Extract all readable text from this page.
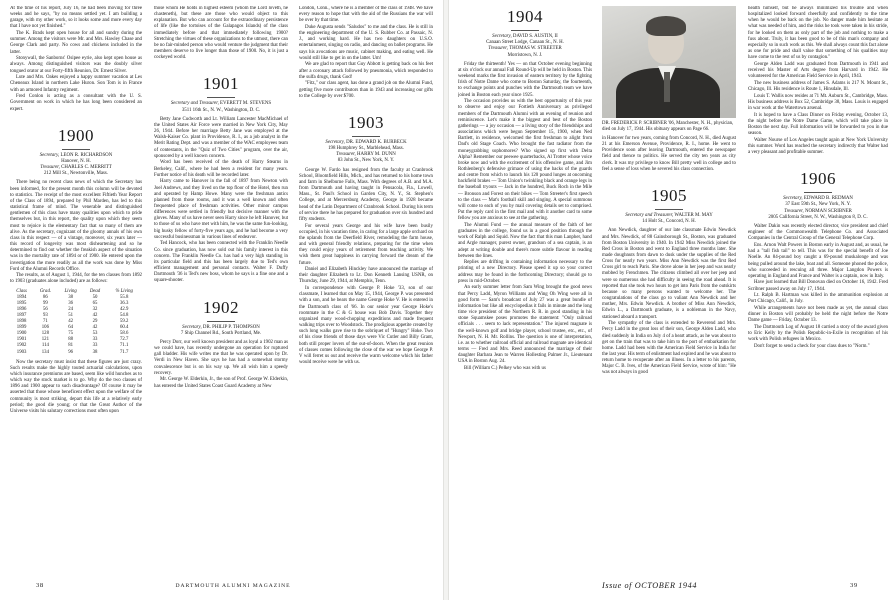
At the time of his report, July 16, he had been moving for three weeks and he says, "by no means settled yet. I am building a garage, with my other work, so it looks some and more every day that I have not yet finished."

The K. Brads kept open house for all and sundry during the summer. Among the visitors were Mr. and Mrs. Hawley Chase and George Clark and party. No cows and chickens included in the latter.

Stonywall, the Sanborns' Osipee eyrie, also kept open house as always. Among distinguished visitors was the doubly silver tongued orator at our Forty-fifth Reunion, Dr. Ernest Silver.

Lute and Mrs. Oakes enjoyed a happy summer vacation at Les Cheneaux Island in northern Lake Huron. Son Tom is in France with an armored Infantry regiment.

Fred Conlon is acting as a consultant with the U. S. Government on work in which he has long been considered an expert.

1900
Secretary, LEON R. RICHARDSON
Hanover, N. H.
Treasurer, CHARLES C. MERRITT
212 Mill St., Newtonville, Mass.

There being no recent class news of which the Secretary has been informed, for the present month this column will be devoted to statistics. The receipt of the most excellent Fiftieth Year Report of the Class of 1894, prepared by Phil Marden, has led to this statistical frame of mind. The venerable and distinguished gentlemen of this class have many qualities upon which to pride themselves but, in this report, the quality upon which they seem most to rejoice is the elementary fact that so many of them are alive. As the secretary, cognizant of the gloomy annals of his own class in this respect — of a vintage, moreover, six years later — this record of longevity was most disheartening and so he determined to find out whether the freakish aspect of the situation was in the mortality rate of 1894 or of 1900. He entered upon the investigation the more readily as all the work was done by Miss Ford of the Alumni Records Office.

The results, as of August 1, 1944, for the ten classes from 1892 to 1903 (graduates alone included) are as follows:

Class	Grad.	Living	Dead	% Living
1894	86	38	50	55.8
1895	99	36	65	36.3
1896	56	24	32	42.9
1897	93	51	42	54.8
1898	71	42	29	59.2
1899	106	64	42	60.4
1900	128	75	53	58.6
1901	121	88	33	72.7
1902	114	81	33	71.1
1903	134	96	38	71.7

Now the secretary must insist that these figures are just crazy. Such results make the highly touted actuarial calculations, upon which insurance premiums are based, seem like wild hunches as to which way the stock market is to go. Why do the two classes of 1896 and 1900 appear to such disadvantage? Of course it may be asserted that those whose beneficent effect upon the welfare of the community is most striking, depart this life at a relatively early period; the good die young; or that the Great Author of the Universe visits his salutary corrections most often upon

those whom He holds in highest esteem (whom the Lord loveth, he chasteneth), but these are those who would object to this explanation. But who can account for the extraordinary persistence of life (like the tortoises of the Galapagos Islands) of the class immediately before and that immediately following 1900? Stretching the virtues of these organizations to the utmost, there can be no fair-minded person who would venture the judgment that their members deserve to live longer than those of 1900. No, it is just a cockeyed world.

1901
Secretary and Treasurer, EVERETT M. STEVENS
3511 16th St., N. W., Washington, D. C.

Betty Jane Cudworth and Lt. William Lancester MacMichael of the United States Air Force were married in New York City, May 26, 1944. Before her marriage Betty Jane was employed at the Walsh-Kaiser Co. plant in Providence, R. I., as a job analyst in the Merit Rating Dept. and was a member of the WAC employees team of contestants, in the "Quiz of Two Cities" program, over the air, sponsored by a well known concern.

Word has been received of the death of Harry Stearns in Berkeley, Calif., where he had been a resident for many years. Further notice of his death will be recorded later.

Harry came to Hanover in the fall of 1897 from Newton with Joel Andrews, and they lived on the top floor of the Hotel, then run and operated by Hamp Howe. Many were the freshman antics planned from those rooms, and it was a well known and often frequented place of freshman activities. Other minor campus differences were settled in friendly but decisive manner with the gloves. Many of us have never seen Harry since he left Hanover, but to those of us who have met with him, he was the same fun-looking, big husky fellow of forty-five years ago, and he had become a very successful businessman in various lines of endeavor.

Ted Hancock, who has been connected with the Franklin Needle Co. since graduation, has now sold out his family interest in this concern. The Franklin Needle Co. has had a very high standing in its particular field and this has been largely due to Ted's own efficient management and personal contacts. Walter F. Duffy Dartmouth '36 is Ted's new boss, whom he says is a fine one and a square-shooter.

1902
Secretary, DR. PHILIP P. THOMPSON
7 Ship Channel Rd., South Portland, Me.

Percy Dorr, our well known president and as loyal a 1902 man as we could have, has recently undergone an operation for ruptured gall bladder. His wife writes me that he was operated upon by Dr. Verdi in New Haven. She says he has had a somewhat stormy convalescence but is on his way up. We all wish him a speedy recovery.

Mr. George W. Elderkin, Jr., the son of Prof. George W. Elderkin, has entered the United States Coast Guard Academy at New

London, Conn., where he is a member of the class of 1948. We have every reason to hope that with the aid of the Russians the war will be over by that time.

Duke Augusta sends "Saludos" to me and the class. He is still in the engineering department of the U. S. Rubber Co. at Passaic, N. J., and working hard. He has two daughters on U.S.O. entertainment, singing on radio, and dancing on ballet programs. He says his avocations are music, cabinet making, and eating well. He would still like to get in on the latter. Um!

We are glad to report that Guy Abbott is getting back on his feet after a coronary attack followed by pneumonia, which responded to the sulfa drugs, thank God!

"Fitz," our class agent, has done a grand job on the Alumni Fund, getting five more contributors than in 1943 and increasing our gifts to the College by over $700.

1903
Secretary, DR. EDWARD K. BURBECK
198 Humphrey St., Marblehead, Mass.
Treasurer, HARRY M. DUNN
83 John St., New York, N. Y.

George W. Fardo has resigned from the faculty at Cranbrook School, Bloomfield Hills, Mich., and has returned to his home town and farm in Shelburne Falls, Mass. With degrees of A.B. and M.A. from Dartmouth and having taught in Pensacola, Fla., Lowell, Mass., St. Paul's School in Garden City, N. Y., St. Stephen's College, and at Mercersburg Academy, George in 1928 became head of the Latin Department of Cranbrook School. During his term of service there he has prepared for graduation over six hundred and fifty students.

For several years George and his wife have been busily occupied, in his vacation time, in caring for a large apple orchard on the uplands from the Deerfield River, remodeling the farm house, and with general friendly relations, preparing for the time when they could enjoy years of retirement from teaching activity. We wish them great happiness in carrying forward the dream of the future.

Daniel and Elizabeth Hinckley have announced the marriage of their daughter Elizabeth to Lt. Don Kenneth Lansing USNR, on Thursday, June 29, 1944, at Memphis, Tenn.

In correspondence with George P. Hoke '33, son of our classmate, I learned that on May 15, 1944, George P. was presented with a son, and he bears the name George Hoke V. He is entered in the Dartmouth class of '66. In our senior year George Hoke's roommate in the C & G house was Bob Davis. Together they organized many wood-chopping expeditions and made frequent walking trips over to Woodstock. The prodigious appetite created by such long walks gave rise to the sobriquet of "Hungry" Hoke. Two of his close friends of those days were Vic Cutler and Billy Grant, both still proper lovers of the out-of-doors. When the great reunion of classes comes following the close of the war we hope George P. V will ferret us out and receive the warm welcome which his father would receive were he with us.

38	DARTMOUTH ALUMNI MAGAZINE
1904
Secretary, DAVID S. AUSTIN, II
Canaan Street Lodge, Canaan St., N. H.
Treasurer, THOMAS W. STREETER
Morristown, N. J.

Friday the thirteenth! Yes — on that October evening beginning at six o'clock our annual Fall Round-Up will be held in Boston. This weekend marks the first invasion of eastern territory by the fighting Irish of Notre Dame who come to Boston Saturday, the fourteenth, to exchange points and punches with the Dartmouth team we have joined in Boston each year since 1925.

The occasion provides us with the best opportunity of this year to observe and enjoy our Fortieth Anniversary as privileged members of the Dartmouth Alumni with an evening of reunion and reminiscence. Let's make it the biggest and best of the Boston gatherings — a joy occasion — a living story of the friendships and associations which were begun September 15, 1900, when Ned Bartlett, in residence, welcomed the first freshman to alight from Dad's old Stage Coach. Who brought the fast radiator from the moneygrabbing sophomores? Who signed up first with Delta Alpha? Remember our peewee quarterbacks, Al Trotter whose voice broke now and with the excitement of his offensive game, and Jim Rothlenberg's defensive grimace of using the backs of the guards and centre from which to launch his 120 pound lunges at oncoming backfield brakes — Tom Union's twinkling black and orange legs in the baseball tryouts — Jack in the hundred, Buck Roch in the Mile — Bronson and Forest on their bikes — Tom Streeter's first speech to the class — Mat's football skill and singing. A special summons will come to each of you by mail covering details set to comprised. Put the reply card in the first mail and with it another card to some fellow you are anxious to see at the gathering.

The Alumni Fund — the annual measure of the faith of her graduates in the college, found us in a good position through the work of Ralph and Squid. Now the fact that this man Lanpher, hand and Argle manager, purest owner, grandson of a sea captain, is an adept at writing double and there's more subtle flavour in reading between the lines.

Replies are drifting in containing information necessary to the printing of a new Directory. Please speed it up so your correct address may be found in the forthcoming Directory; should go to press in mid-October.

An early summer letter from Sam Wing brought the good news that Percy Ladd, Myron Williams and Wing Oh Wing were all in good form — Sam's broadcast of July 27 was a great bundle of information but like all encyclopedias it fails in minute and the long time vice president of the Northern R. R. in good standing in his stone Squamskee poses promotes the statement: "Only railroad officials . . . seem to lack representation." The injured magnate is the well-known golf and bridge player, school trustee, etc., etc., of Newport, N. H. Mr. Rollins. The question is one of interpretation, i.e. as to whether railroad official and railroad magnate are identical terms — Fred and Mrs. Reed announced the marriage of their daughter Barbara Jean to Warren Hollesting Palmer Jr., Lieutenant USA in Boston Aug. 24.

Bill (William C.) Pelkey who was with us

DR. FREDERICK P. SCRIBNER '06, Manchester, N. H., physician, died on July 17, 1944. His obituary appears on Page 66.

in Hanover for two years, coming from Concord, N. H., died August 21 at his Emerson Avenue, Providence, R. I., home. He went to Providence soon after leaving Dartmouth, entered the newspaper field and thence to politics. He served the city ten years as city clerk. It was my privilege to know Bill pretty well in college and to feel a sense of loss when he severed his class connection.

1905
Secretary and Treasurer, WALTER M. MAY
14 Holt St., Concord, N. H.

Ann Newdick, daughter of our late classmate Edwin Newdick and Mrs. Newdick, of 88 Gainsborough St., Boston, was graduated from Boston University in 1940. In 1942 Miss Newdick joined the Red Cross in Boston and went to England three months later. She made doughnuts from dawn to dusk under the supplies of the Red Cross for nearly two years. Miss Ann Newdick was the first Red Cross girl to reach Paris. She drove alone in her jeep and was nearly mobbed by Frenchmen. The citizens climbed all over her jeep and were so numerous she had difficulty in seeing the road ahead. It is reported that she took two hours to get into Paris from the outskirts because so many persons wanted to welcome her. The congratulations of the class go to valiant Ann Newdick and her mother, Mrs. Edwin Newdick. A brother of Miss Ann Newdick, Edwin L., a Dartmouth graduate, is a nobleman in the Navy, stationed aboard a transport.

The sympathy of the class is extended to Reverend and Mrs. Percy Ladd in the great loss of their son, George Alden Ladd, who died suddenly in India on July 4 of a heart attack, as he was about to get on the train that was to take him to the port of embarkation for home. Ladd had been with the American Field Service in India for the last year. His term of enlistment had expired and he was about to return home to recuperate after an illness. In a letter to his parents, Major C. B. Ives, of the American Field Service, wrote of him: "He was not always in good

health himself, but he always minimized his trouble and when hospitalized looked forward cheerfully and confidently to the time when he would be back on the job. No danger made him hesitate at what was needed of him, and the risks he took were taken in his stride, for he looked on them as only part of the job and nothing to make a fuss about. Truly, it has been good to be of this man's company and especially so in such work as this. We shall always count this fact alone as one for pride and shall value that something of his qualities may have come to the rest of us by contagion."

George Alden Ladd was graduated from Dartmouth in 1941 and received his Master of Arts degree from Harvard in 1942. He volunteered for the American Field Service in April, 1943.

The new business address of James S. Adams is 217 N. Mount St., Chicago, Ill. His residence is Route 1, Hinsdale, Ill.

Louis T. Wallis now resides at 71 Mt. Auburn St., Cambridge, Mass. His business address is Box 52, Cambridge 38, Mass. Louis is engaged in war work at the Watertown arsenal.

It is hoped to have a Class Dinner on Friday evening, October 13, the night before the Notre Dame Game, which will take place in Boston the next day. Full information will be forwarded to you in due season.

Walter Nourse of Los Angeles taught again at New York University this summer. Word has reached the secretary indirectly that Walter had a very pleasant and profitable summer.

1906
Secretary, EDWARD B. REDMAN
37 East 59th St., New York, N. Y.
Treasurer, NORMAN SCRIBNER
2005 California Street, N. W., Washington 8, D. C.

Walter Dakin was recently elected director, vice president and chief engineer of the Commonwealth Telephone Co. and Associated Companies in the Central Group of the General Telephone Corp.

Ens. Arnon Walt Powers in Boston early in August and, as usual, he had a "tall fish tail" to tell. This was for the special benefit of Joe Noelle. An 84-pound boy caught a 69-pound muskalonge and was being pulled around the lake, boat and all. Someone phoned the police, who succeeded in rescuing all three. Major Langdon Powers is operating in England and France and Walter is a captain, now in Italy.

Have just learned that Bill Donovan died on October 16, 1942. Fred Scribner passed away on July 17, 1944.

Lt. Ralph B. Hartman was killed in the ammunition explosion at Port Chicago, Calif., in July.

While arrangements have not been made as yet, the annual class dinner in Boston will probably be held the night before the Notre Dame game — Friday, October 13.

The Dartmouth Log of August 18 carried a story of the award given to Eric Kelly by the Polish Republic-in-Exile in recognition of his work with Polish refugees in Mexico.

Don't forget to send a check for your class dues to "Norm."

Issue of OCTOBER 1944	39
